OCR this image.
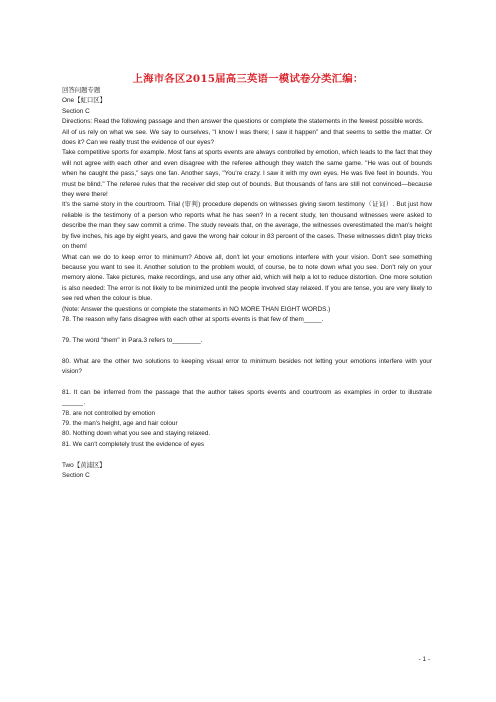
上海市各区2015届高三英语一模试卷分类汇编：

回答问题专题

One【虹口区】

Section C

Directions: Read the following passage and then answer the questions or complete the statements in the fewest possible words.

All of us rely on what we see. We say to ourselves, "I know I was there; I saw it happen" and that seems to settle the matter. Or does it? Can we really trust the evidence of our eyes?

Take competitive sports for example. Most fans at sports events are always controlled by emotion, which leads to the fact that they will not agree with each other and even disagree with the referee although they watch the same game. "He was out of bounds when he caught the pass," says one fan. Another says, "You're crazy. I saw it with my own eyes. He was five feet in bounds. You must be blind." The referee rules that the receiver did step out of bounds. But thousands of fans are still not convinced—because they were there!

It's the same story in the courtroom. Trial (审判) procedure depends on witnesses giving sworn testimony（证词）. But just how reliable is the testimony of a person who reports what he has seen? In a recent study, ten thousand witnesses were asked to describe the man they saw commit a crime. The study reveals that, on the average, the witnesses overestimated the man's height by five inches, his age by eight years, and gave the wrong hair colour in 83 percent of the cases. These witnesses didn't play tricks on them!

What can we do to keep error to minimum? Above all, don't let your emotions interfere with your vision. Don't see something because you want to see it. Another solution to the problem would, of course, be to note down what you see. Don't rely on your memory alone. Take pictures, make recordings, and use any other aid, which will help a lot to reduce distortion. One more solution is also needed: The error is not likely to be minimized until the people involved stay relaxed. If you are tense, you are very likely to see red when the colour is blue.

(Note: Answer the questions or complete the statements in NO MORE THAN EIGHT WORDS.)

78. The reason why fans disagree with each other at sports events is that few of them_____.

79. The word "them" in Para.3 refers to________.

80. What are the other two solutions to keeping visual error to minimum besides not letting your emotions interfere with your vision?

81. It can be inferred from the passage that the author takes sports events and courtroom as examples in order to illustrate ______.

78. are not controlled by emotion

79. the man's height, age and hair colour

80. Nothing down what you see and staying relaxed.

81. We can't completely trust the evidence of eyes

Two【黄浦区】

Section C

- 1 -
